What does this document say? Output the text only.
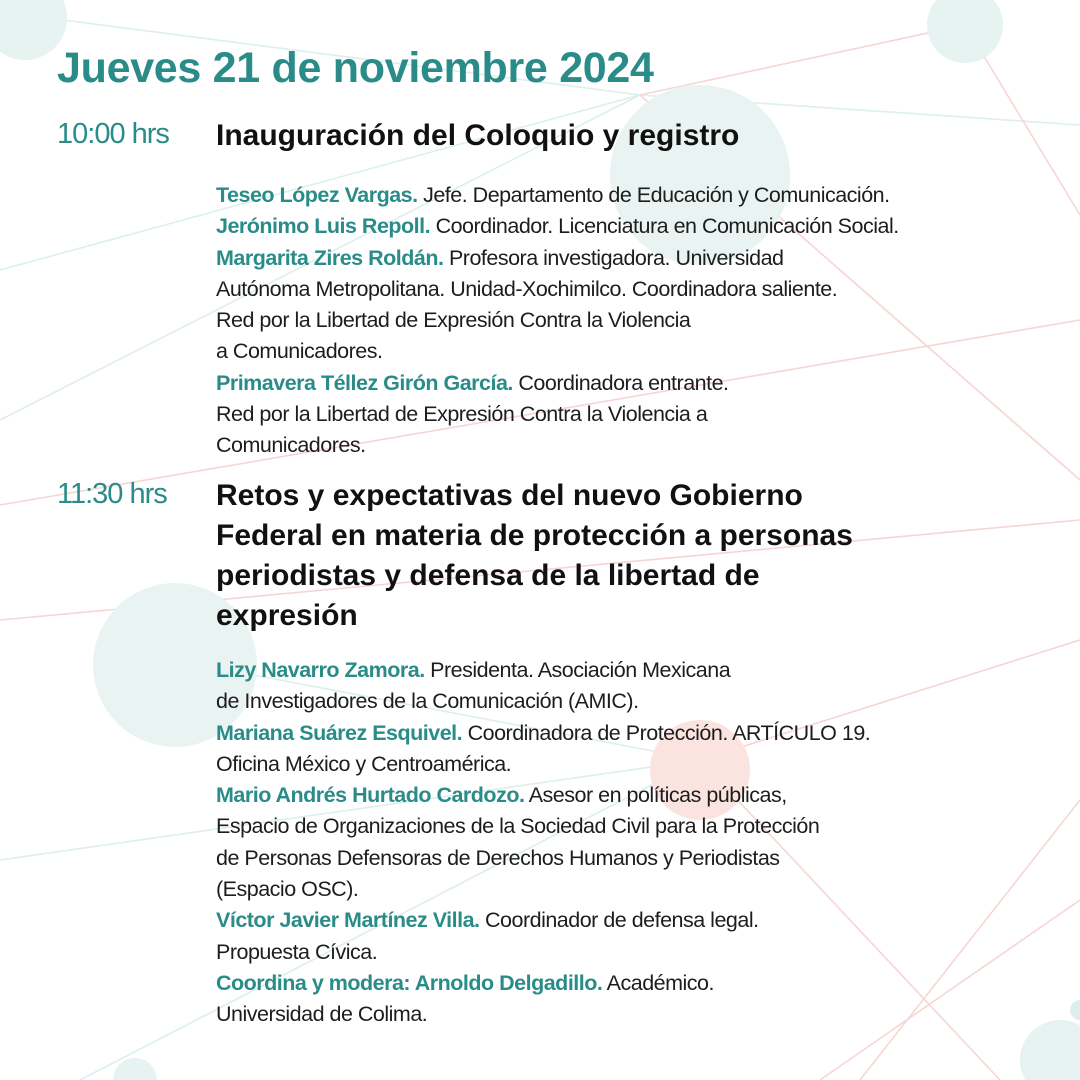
Jueves 21 de noviembre 2024
10:00 hrs Inauguración del Coloquio y registro
Teseo López Vargas. Jefe. Departamento de Educación y Comunicación.
Jerónimo Luis Repoll. Coordinador. Licenciatura en Comunicación Social.
Margarita Zires Roldán. Profesora investigadora. Universidad
Autónoma Metropolitana. Unidad-Xochimilco. Coordinadora saliente.
Red por la Libertad de Expresión Contra la Violencia
a Comunicadores.
Primavera Téllez Girón García. Coordinadora entrante.
Red por la Libertad de Expresión Contra la Violencia a
Comunicadores.
11:30 hrs Retos y expectativas del nuevo Gobierno
Federal en materia de protección a personas
periodistas y defensa de la libertad de
expresión
Lizy Navarro Zamora. Presidenta. Asociación Mexicana
de Investigadores de la Comunicación (AMIC).
Mariana Suárez Esquivel. Coordinadora de Protección. ARTÍCULO 19.
Oficina México y Centroamérica.
Mario Andrés Hurtado Cardozo. Asesor en políticas públicas,
Espacio de Organizaciones de la Sociedad Civil para la Protección
de Personas Defensoras de Derechos Humanos y Periodistas
(Espacio OSC).
Víctor Javier Martínez Villa. Coordinador de defensa legal.
Propuesta Cívica.
Coordina y modera: Arnoldo Delgadillo. Académico.
Universidad de Colima.
